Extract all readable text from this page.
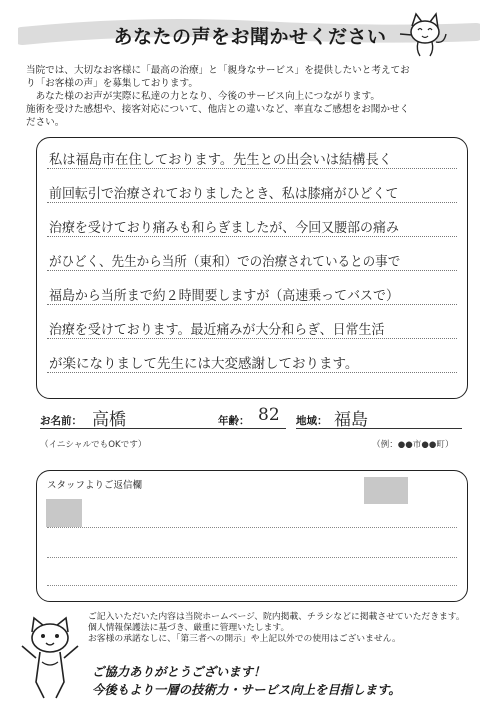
あなたの声をお聞かせください

当院では、大切なお客様に「最高の治療」と「親身なサービス」を提供したいと考えてお

り「お客様の声」を募集しております。

　あなた様のお声が実際に私達の力となり、今後のサービス向上につながります。

施術を受けた感想や、接客対応について、他店との違いなど、率直なご感想をお聞かせく

ださい。

私は福島市在住しております。先生との出会いは結構長く
前回転引で治療されておりましたとき、私は膝痛がひどくて
治療を受けており痛みも和らぎましたが、今回又腰部の痛み
がひどく、先生から当所（東和）での治療されているとの事で
福島から当所まで約２時間要しますが（高速乗ってバスで）
治療を受けております。最近痛みが大分和らぎ、日常生活
が楽になりまして先生には大変感謝しております。
お名前： 高橋	年齢： 82 地域： 福島
（イニシャルでもOKです）	（例：●●市●●町）
スタッフよりご返信欄

ご記入いただいた内容は当院ホームページ、院内掲載、チラシなどに掲載させていただきます。

個人情報保護法に基づき、厳重に管理いたします。

お客様の承諾なしに、「第三者への開示」や上記以外での使用はございません。

ご協力ありがとうございます！
今後もより一層の技術力・サービス向上を目指します。
